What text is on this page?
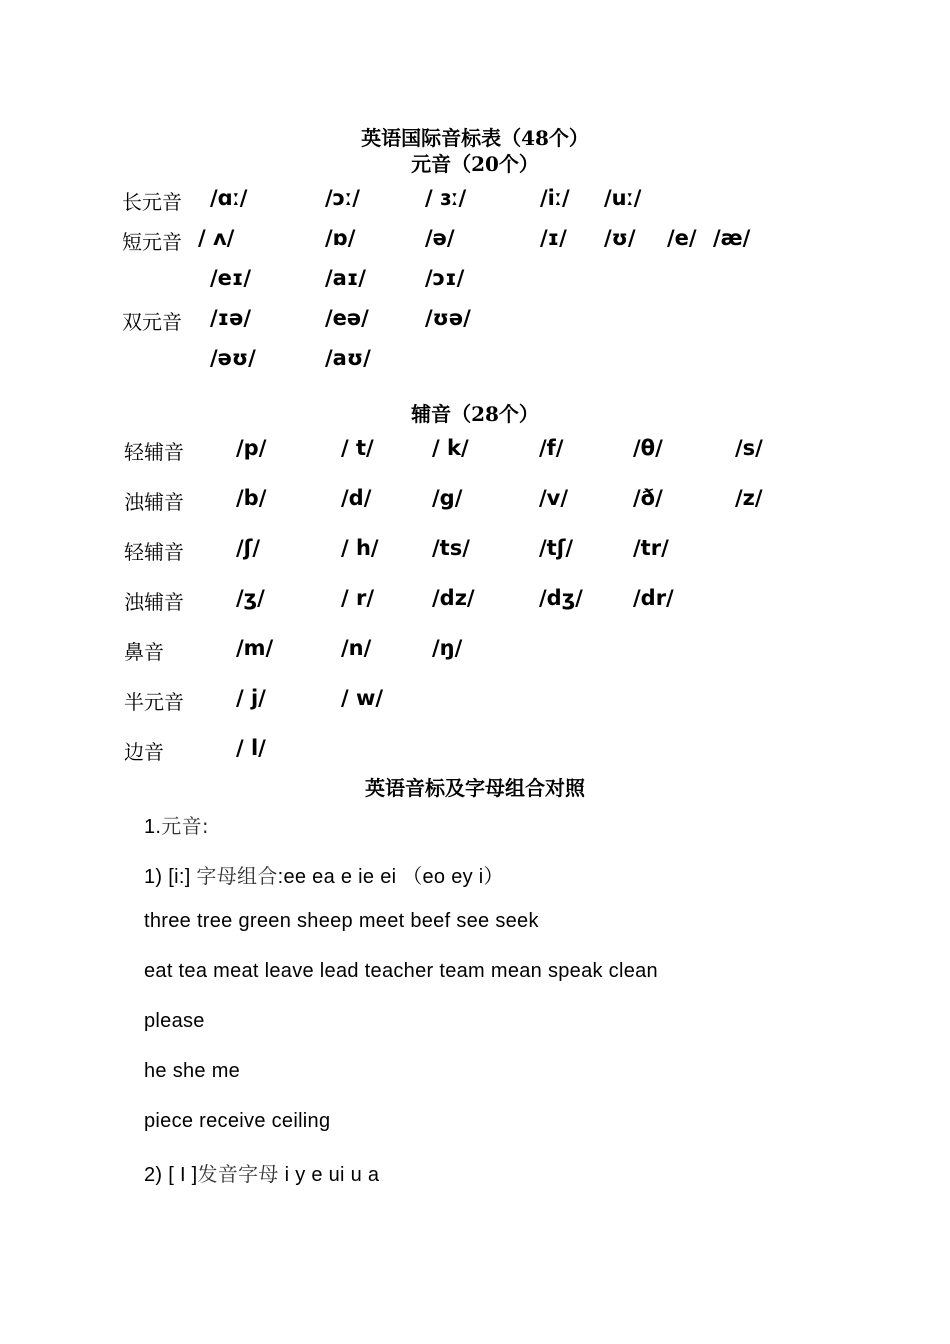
英语国际音标表（48个）
元音（20个）
长元音 /ɑː/	/ɔː/	/ ɜː/	/iː/ /uː/
短元音 / ʌ/	/ɒ/	/ə/	/ɪ/ /ʊ/ /e/ /æ/
/eɪ/	/aɪ/	/ɔɪ/
双元音 /ɪə/	/eə/	/ʊə/
/əʊ/	/aʊ/
辅音（28个）
轻辅音 /p/	/ t/	/ k/	/f/	/θ/	/s/
浊辅音 /b/	/d/	/g/	/v/	/ð/	/z/
轻辅音 /ʃ/	/ h/	/ts/	/tʃ/	/tr/
浊辅音 /ʒ/	/ r/	/dz/	/dʒ/ /dr/
鼻音	/m/	/n/	/ŋ/
半元音 / j/	/ w/
边音	/ l/
英语音标及字母组合对照
1.元音:
1) [i:] 字母组合:ee ea e ie ei （eo ey i）
three tree green sheep meet beef see seek
eat tea meat leave lead teacher team mean speak clean
please
he she me
piece receive ceiling
2) [ I ]发音字母 i y e ui u a
